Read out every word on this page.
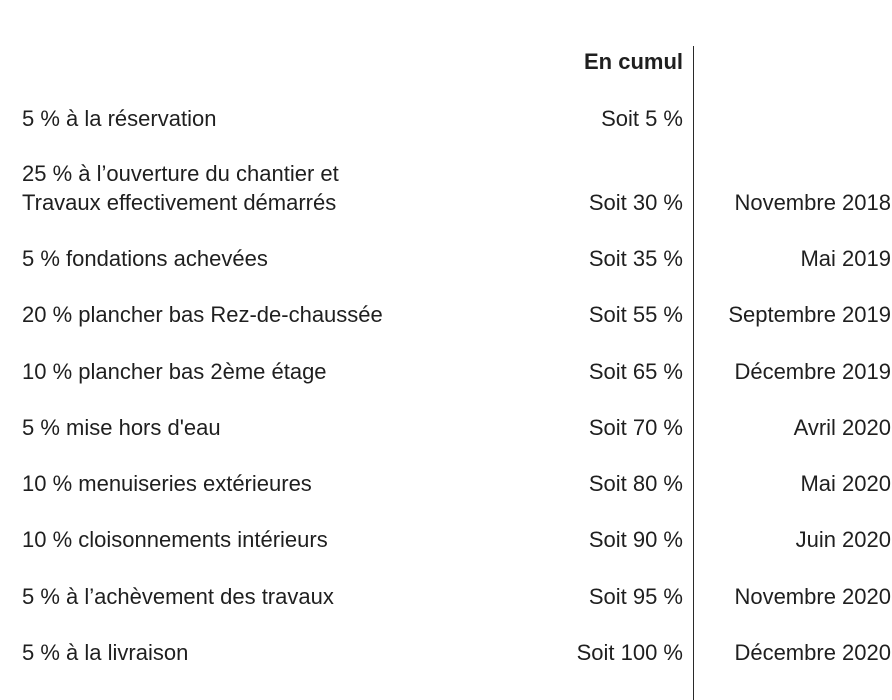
En cumul
5 % à la réservation	Soit 5 %
25 % à l’ouverture du chantier et
Travaux effectivement démarrés	Soit 30 % Novembre 2018
5 % fondations achevées	Soit 35 %	Mai 2019
20 % plancher bas Rez-de-chaussée	Soit 55 % Septembre 2019
10 % plancher bas 2ème étage	Soit 65 % Décembre 2019
5 % mise hors d'eau	Soit 70 %	Avril 2020
10 % menuiseries extérieures	Soit 80 %	Mai 2020
10 % cloisonnements intérieurs	Soit 90 %	Juin 2020
5 % à l’achèvement des travaux	Soit 95 % Novembre 2020
5 % à la livraison	Soit 100 % Décembre 2020
